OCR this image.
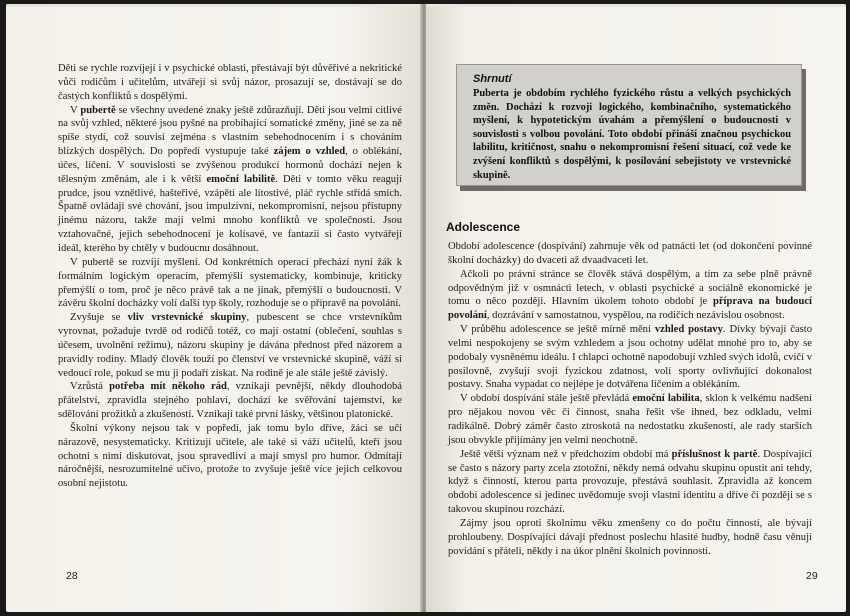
Děti se rychle rozvíjejí i v psychické oblasti, přestávají být důvěřivé a nekritické vůči rodičům i učitelům, utvářejí si svůj názor, prosazují se, dostávají se do častých konfliktů s dospělými.

V pubertě se všechny uvedené znaky ještě zdůrazňují. Děti jsou velmi citlivé na svůj vzhled, některé jsou pyšné na probíhající somatické změny, jiné se za ně spíše stydí, což souvisí zejména s vlastním sebehodnocením i s chováním blízkých dospělých. Do popředí vystupuje také zájem o vzhled, o oblékání, účes, líčení. V souvislosti se zvýšenou produkcí hormonů dochází nejen k tělesným změnám, ale i k větší emoční labilitě. Děti v tomto věku reagují prudce, jsou vznětlivé, hašteřivé, vzápětí ale lítostivé, pláč rychle střídá smích. Špatně ovládají své chování, jsou impulzivní, nekompromisní, nejsou přístupny jinému názoru, takže mají velmi mnoho konfliktů ve společnosti. Jsou vztahovačné, jejich sebehodnocení je kolísavé, ve fantazii si často vytvářejí ideál, kterého by chtěly v budoucnu dosáhnout.

V pubertě se rozvíjí myšlení. Od konkrétních operací přechází nyní žák k formálním logickým operacím, přemýšlí systematicky, kombinuje, kriticky přemýšlí o tom, proč je něco právě tak a ne jinak, přemýšlí o budoucnosti. V závěru školní docházky volí další typ školy, rozhoduje se o přípravě na povolání.

Zvyšuje se vliv vrstevnické skupiny, pubescent se chce vrstevníkům vyrovnat, požaduje tvrdě od rodičů totéž, co mají ostatní (oblečení, souhlas s účesem, uvolnění režimu), názoru skupiny je dávána přednost před názorem a pravidly rodiny. Mladý člověk touží po členství ve vrstevnické skupině, váží si vedoucí role, pokud se mu ji podaří získat. Na rodině je ale stále ještě závislý.

Vzrůstá potřeba mít někoho rád, vznikají pevnější, někdy dlouhodobá přátelství, zpravidla stejného pohlaví, dochází ke svěřování tajemství, ke sdělování prožitků a zkušeností. Vznikají také první lásky, většinou platonické.

Školní výkony nejsou tak v popředí, jak tomu bylo dříve, žáci se učí nárazově, nesystematicky. Kritizují učitele, ale také si váží učitelů, kteří jsou ochotni s nimi diskutovat, jsou spravedliví a mají smysl pro humor. Odmítají náročnější, nesrozumitelné učivo, protože to zvyšuje ještě více jejich celkovou osobní nejistotu.

28
Shrnutí
Puberta je obdobím rychlého fyzického růstu a velkých psychických změn. Dochází k rozvoji logického, kombinačního, systematického myšlení, k hypotetickým úvahám a přemýšlení o budoucnosti v souvislosti s volbou povolání. Toto období přináší značnou psychickou labilitu, kritičnost, snahu o nekompromisní řešení situací, což vede ke zvýšení konfliktů s dospělými, k posilování sebejistoty ve vrstevnické skupině.
Adolescence

Období adolescence (dospívání) zahrnuje věk od patnácti let (od dokončení povinné školní docházky) do dvaceti až dvaadvaceti let.

Ačkoli po právní stránce se člověk stává dospělým, a tím za sebe plně právně odpovědným již v osmnácti letech, v oblasti psychické a sociálně ekonomické je tomu o něco později. Hlavním úkolem tohoto období je příprava na budoucí povolání, dozrávání v samostatnou, vyspělou, na rodičích nezávislou osobnost.

V průběhu adolescence se ještě mírně mění vzhled postavy. Dívky bývají často velmi nespokojeny se svým vzhledem a jsou ochotny udělat mnohé pro to, aby se podobaly vysněnému ideálu. I chlapci ochotně napodobují vzhled svých idolů, cvičí v posilovně, zvyšují svoji fyzickou zdatnost, volí sporty ovlivňující dokonalost postavy. Snaha vypadat co nejlépe je dotvářena líčením a oblékáním.

V období dospívání stále ještě převládá emoční labilita, sklon k velkému nadšení pro nějakou novou věc či činnost, snaha řešit vše ihned, bez odkladu, velmi radikálně. Dobrý záměr často ztroskotá na nedostatku zkušeností, ale rady starších jsou obvykle přijímány jen velmi neochotně.

Ještě větší význam než v předchozím období má příslušnost k partě. Dospívající se často s názory party zcela ztotožní, někdy nemá odvahu skupinu opustit ani tehdy, když s činností, kterou parta provozuje, přestává souhlasit. Zpravidla až koncem období adolescence si jedinec uvědomuje svoji vlastní identitu a dříve či později se s takovou skupinou rozchází.

Zájmy jsou oproti školnímu věku zmenšeny co do počtu činností, ale bývají prohloubeny. Dospívající dávají přednost poslechu hlasité hudby, hodně času věnují povídání s přáteli, někdy i na úkor plnění školních povinností.

29
